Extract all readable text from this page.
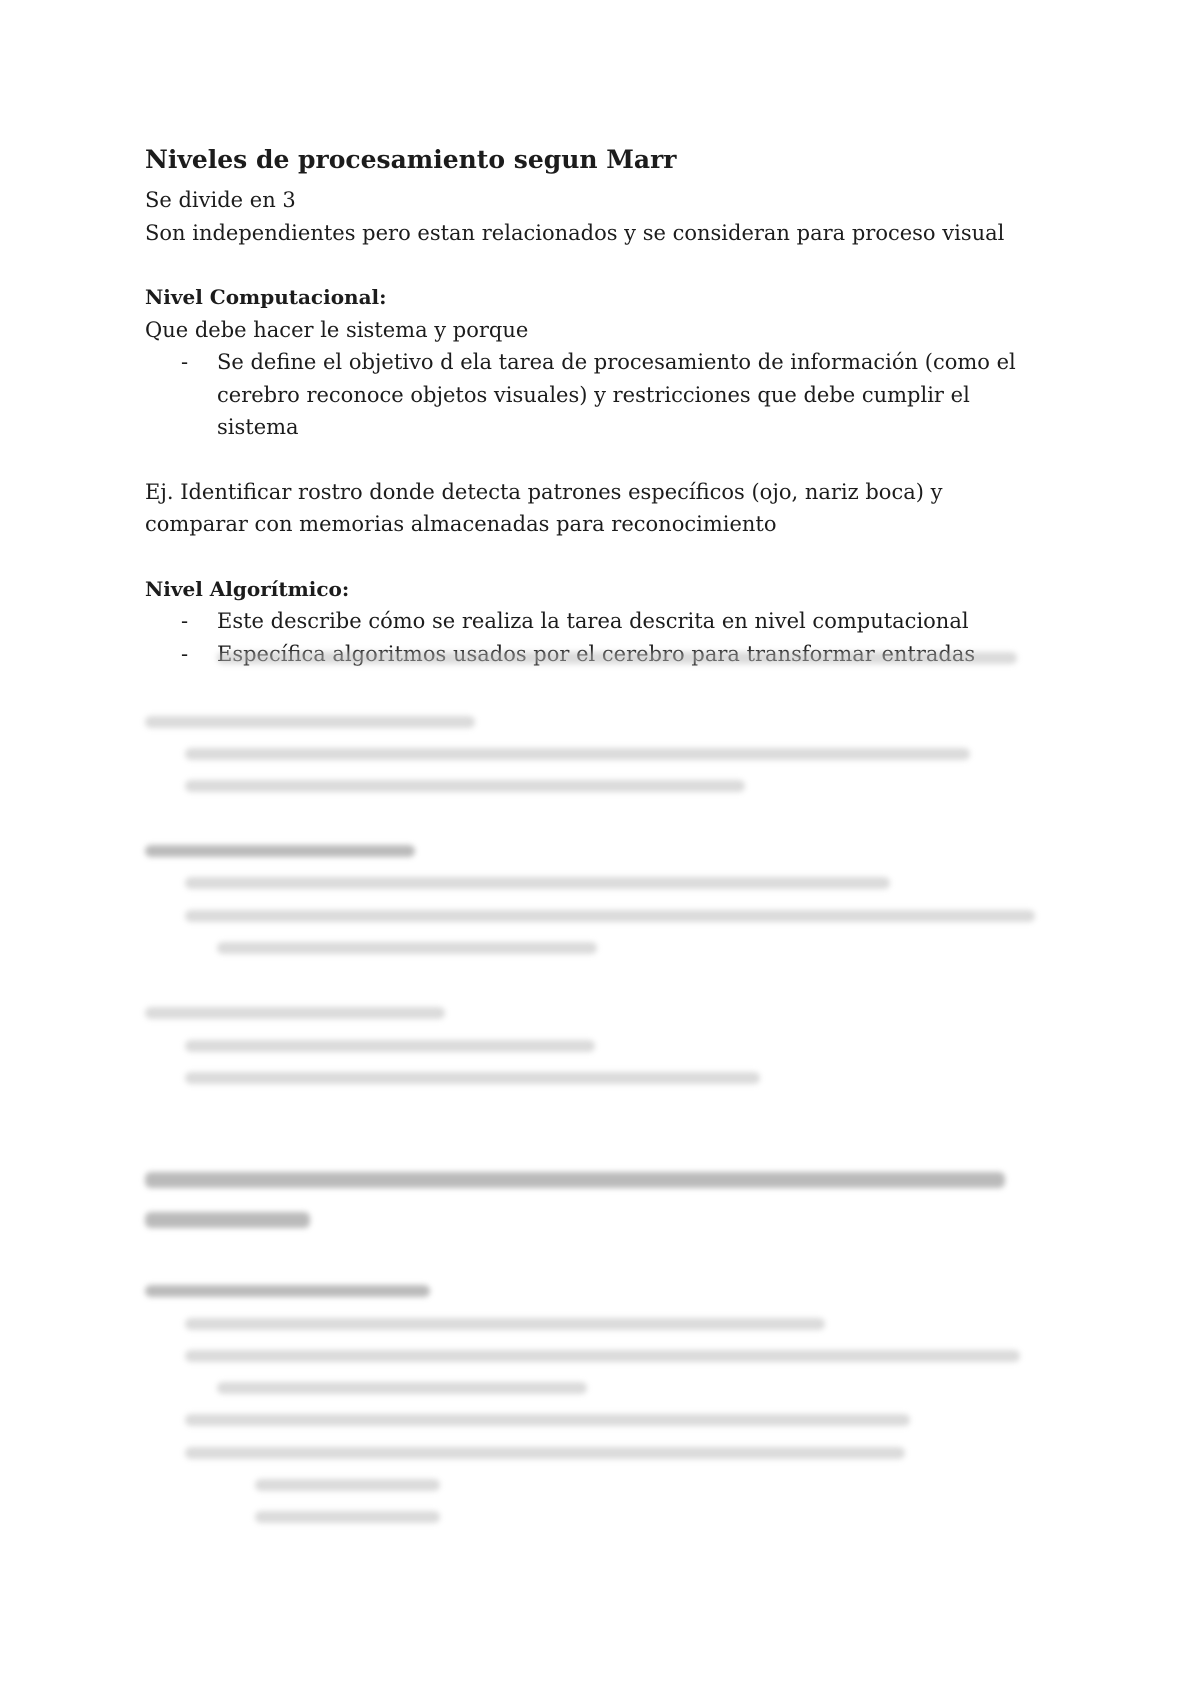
Niveles de procesamiento segun Marr

Se divide en 3

Son independientes pero estan relacionados y se consideran para proceso visual

Nivel Computacional:

Que debe hacer le sistema y porque

- Se define el objetivo d ela tarea de procesamiento de información (como el cerebro reconoce objetos visuales) y restricciones que debe cumplir el sistema

Ej. Identificar rostro donde detecta patrones específicos (ojo, nariz boca) y comparar con memorias almacenadas para reconocimiento

Nivel Algorítmico:

- Este describe cómo se realiza la tarea descrita en nivel computacional
-
